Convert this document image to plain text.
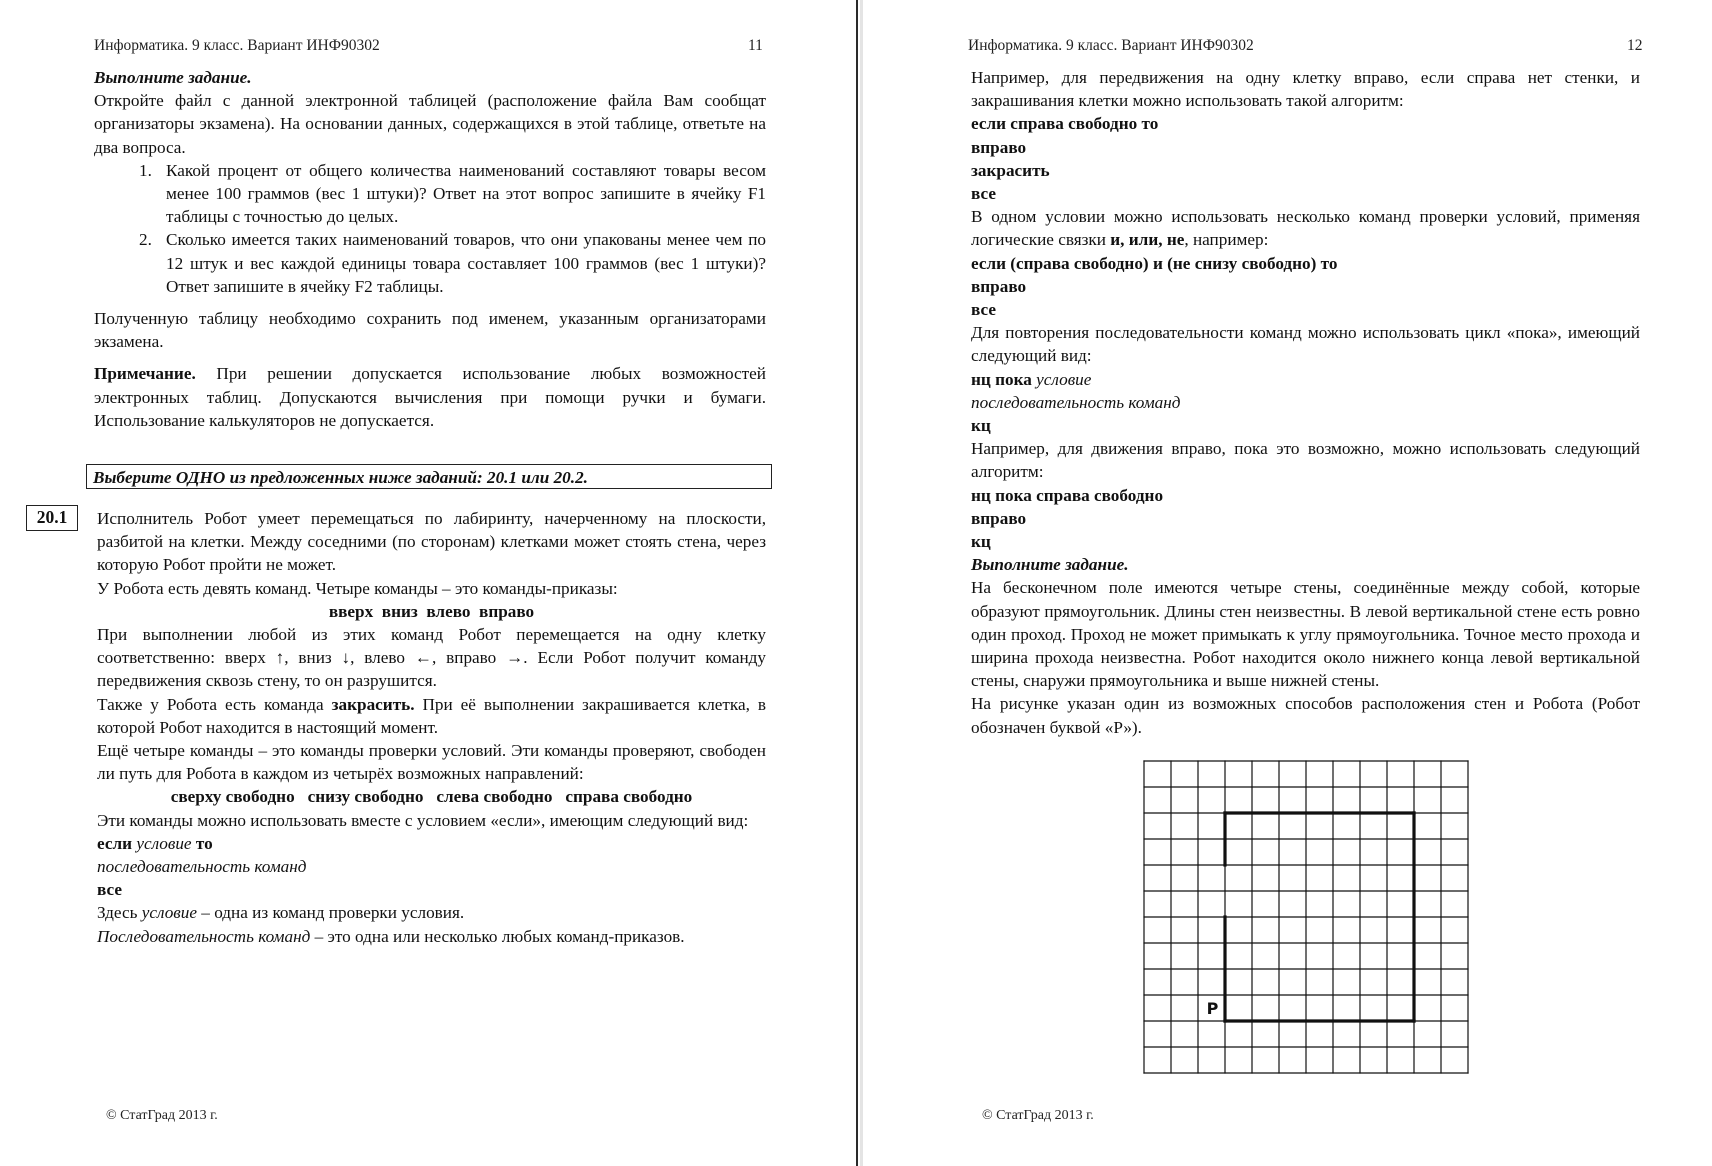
Информатика. 9 класс. Вариант ИНФ90302	11

Выполните задание.

Откройте файл с данной электронной таблицей (расположение файла Вам сообщат организаторы экзамена). На основании данных, содержащихся в этой таблице, ответьте на два вопроса.

1. Какой процент от общего количества наименований составляют товары весом менее 100 граммов (вес 1 штуки)? Ответ на этот вопрос запишите в ячейку F1 таблицы с точностью до целых.
2. Сколько имеется таких наименований товаров, что они упакованы менее чем по 12 штук и вес каждой единицы товара составляет 100 граммов (вес 1 штуки)? Ответ запишите в ячейку F2 таблицы.

Полученную таблицу необходимо сохранить под именем, указанным организаторами экзамена.

Примечание. При решении допускается использование любых возможностей электронных таблиц. Допускаются вычисления при помощи ручки и бумаги. Использование калькуляторов не допускается.

Выберите ОДНО из предложенных ниже заданий: 20.1 или 20.2.
20.1	Исполнитель Робот умеет перемещаться по лабиринту, начерченному на плоскости, разбитой на клетки. Между соседними (по сторонам) клетками может стоять стена, через которую Робот пройти не может.

У Робота есть девять команд. Четыре команды – это команды-приказы:

вверх  вниз  влево  вправо

При выполнении любой из этих команд Робот перемещается на одну клетку соответственно: вверх ↑, вниз ↓, влево ←, вправо →. Если Робот получит команду передвижения сквозь стену, то он разрушится.

Также у Робота есть команда закрасить. При её выполнении закрашивается клетка, в которой Робот находится в настоящий момент.

Ещё четыре команды – это команды проверки условий. Эти команды проверяют, свободен ли путь для Робота в каждом из четырёх возможных направлений:

сверху свободно   снизу свободно   слева свободно   справа свободно

Эти команды можно использовать вместе с условием «если», имеющим следующий вид:

если условие то

последовательность команд

все

Здесь условие – одна из команд проверки условия.

Последовательность команд – это одна или несколько любых команд-приказов.

© СтатГрад 2013 г.
Информатика. 9 класс. Вариант ИНФ90302	12

Например, для передвижения на одну клетку вправо, если справа нет стенки, и закрашивания клетки можно использовать такой алгоритм:

если справа свободно то

вправо

закрасить

все

В одном условии можно использовать несколько команд проверки условий, применяя логические связки и, или, не, например:

если (справа свободно) и (не снизу свободно) то

вправо

все

Для повторения последовательности команд можно использовать цикл «пока», имеющий следующий вид:

нц пока условие

последовательность команд

кц

Например, для движения вправо, пока это возможно, можно использовать следующий алгоритм:

нц пока справа свободно

вправо

кц

Выполните задание.

На бесконечном поле имеются четыре стены, соединённые между собой, которые образуют прямоугольник. Длины стен неизвестны. В левой вертикальной стене есть ровно один проход. Проход не может примыкать к углу прямоугольника. Точное место прохода и ширина прохода неизвестна. Робот находится около нижнего конца левой вертикальной стены, снаружи прямоугольника и выше нижней стены.

На рисунке указан один из возможных способов расположения стен и Робота (Робот обозначен буквой «Р»).

© СтатГрад 2013 г.
Р
